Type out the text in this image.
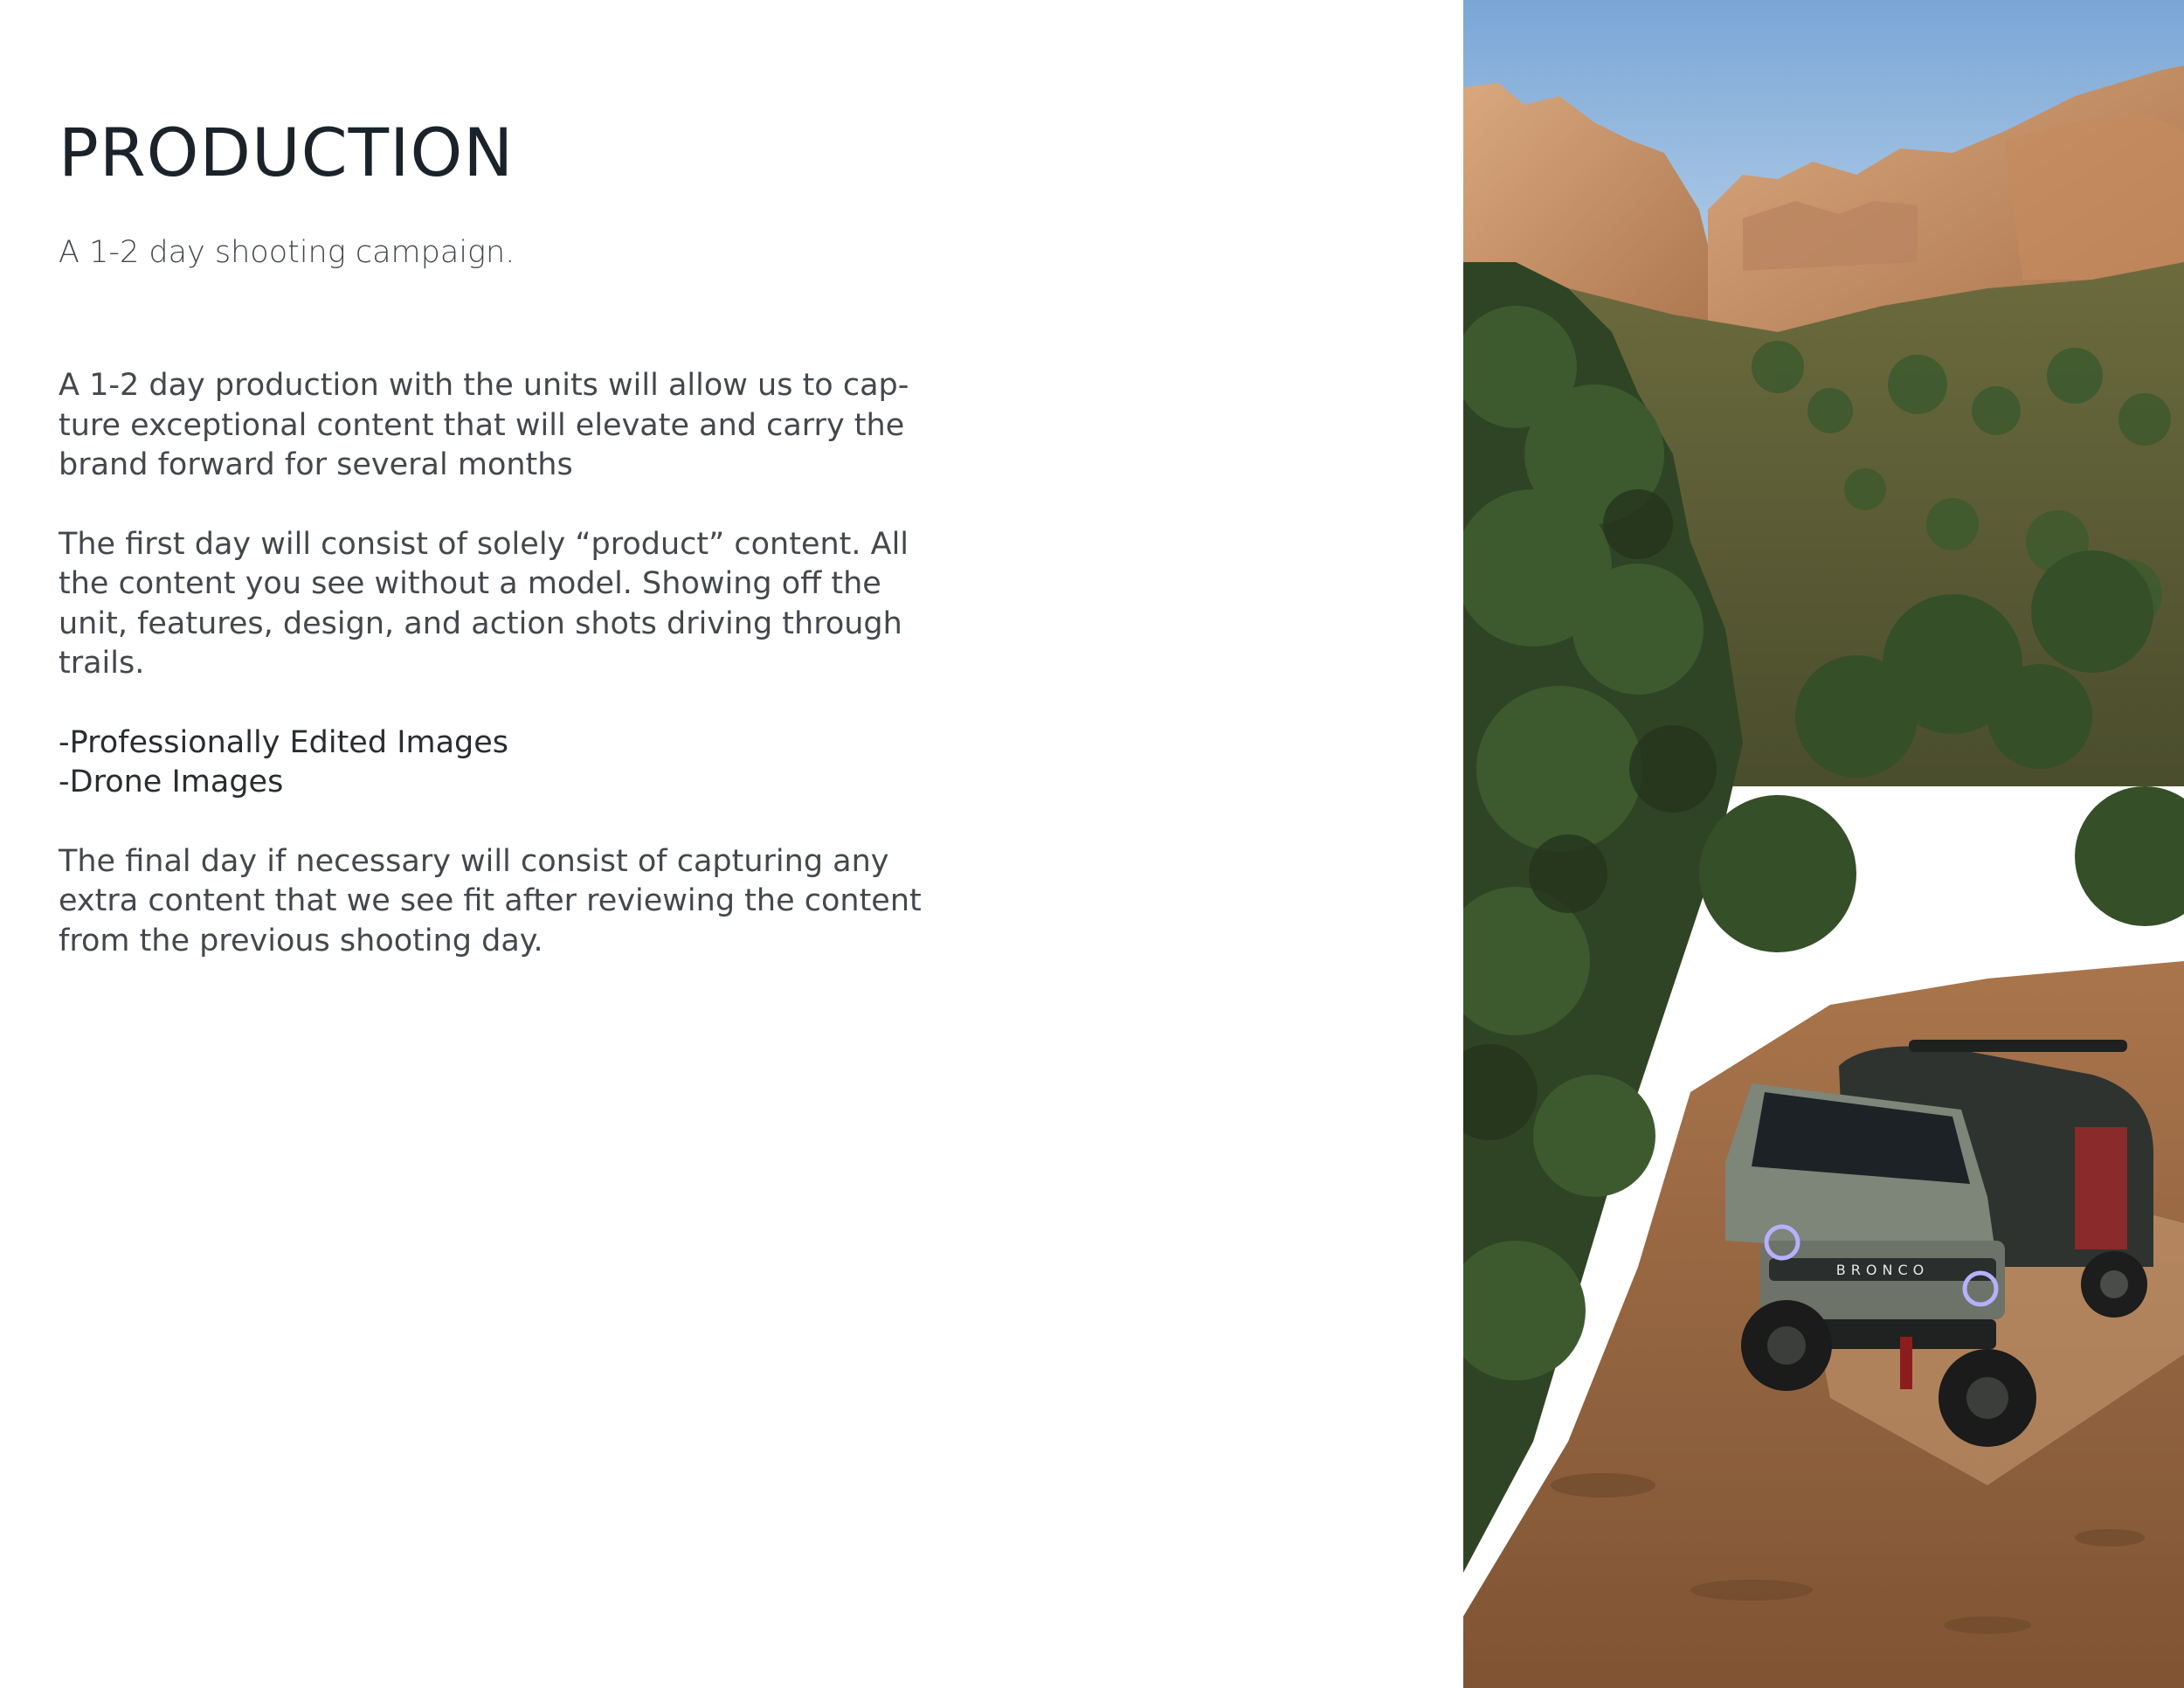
PRODUCTION

A 1-2 day shooting campaign.

A 1-2 day production with the units will allow us to cap-ture exceptional content that will elevate and carry the brand forward for several months

The first day will consist of solely “product” content. All the content you see without a model. Showing off the unit, features, design, and action shots driving through trails.

-Professionally Edited Images
-Drone Images

The final day if necessary will consist of capturing any extra content that we see fit after reviewing the content from the previous shooting day.

BRONCO
